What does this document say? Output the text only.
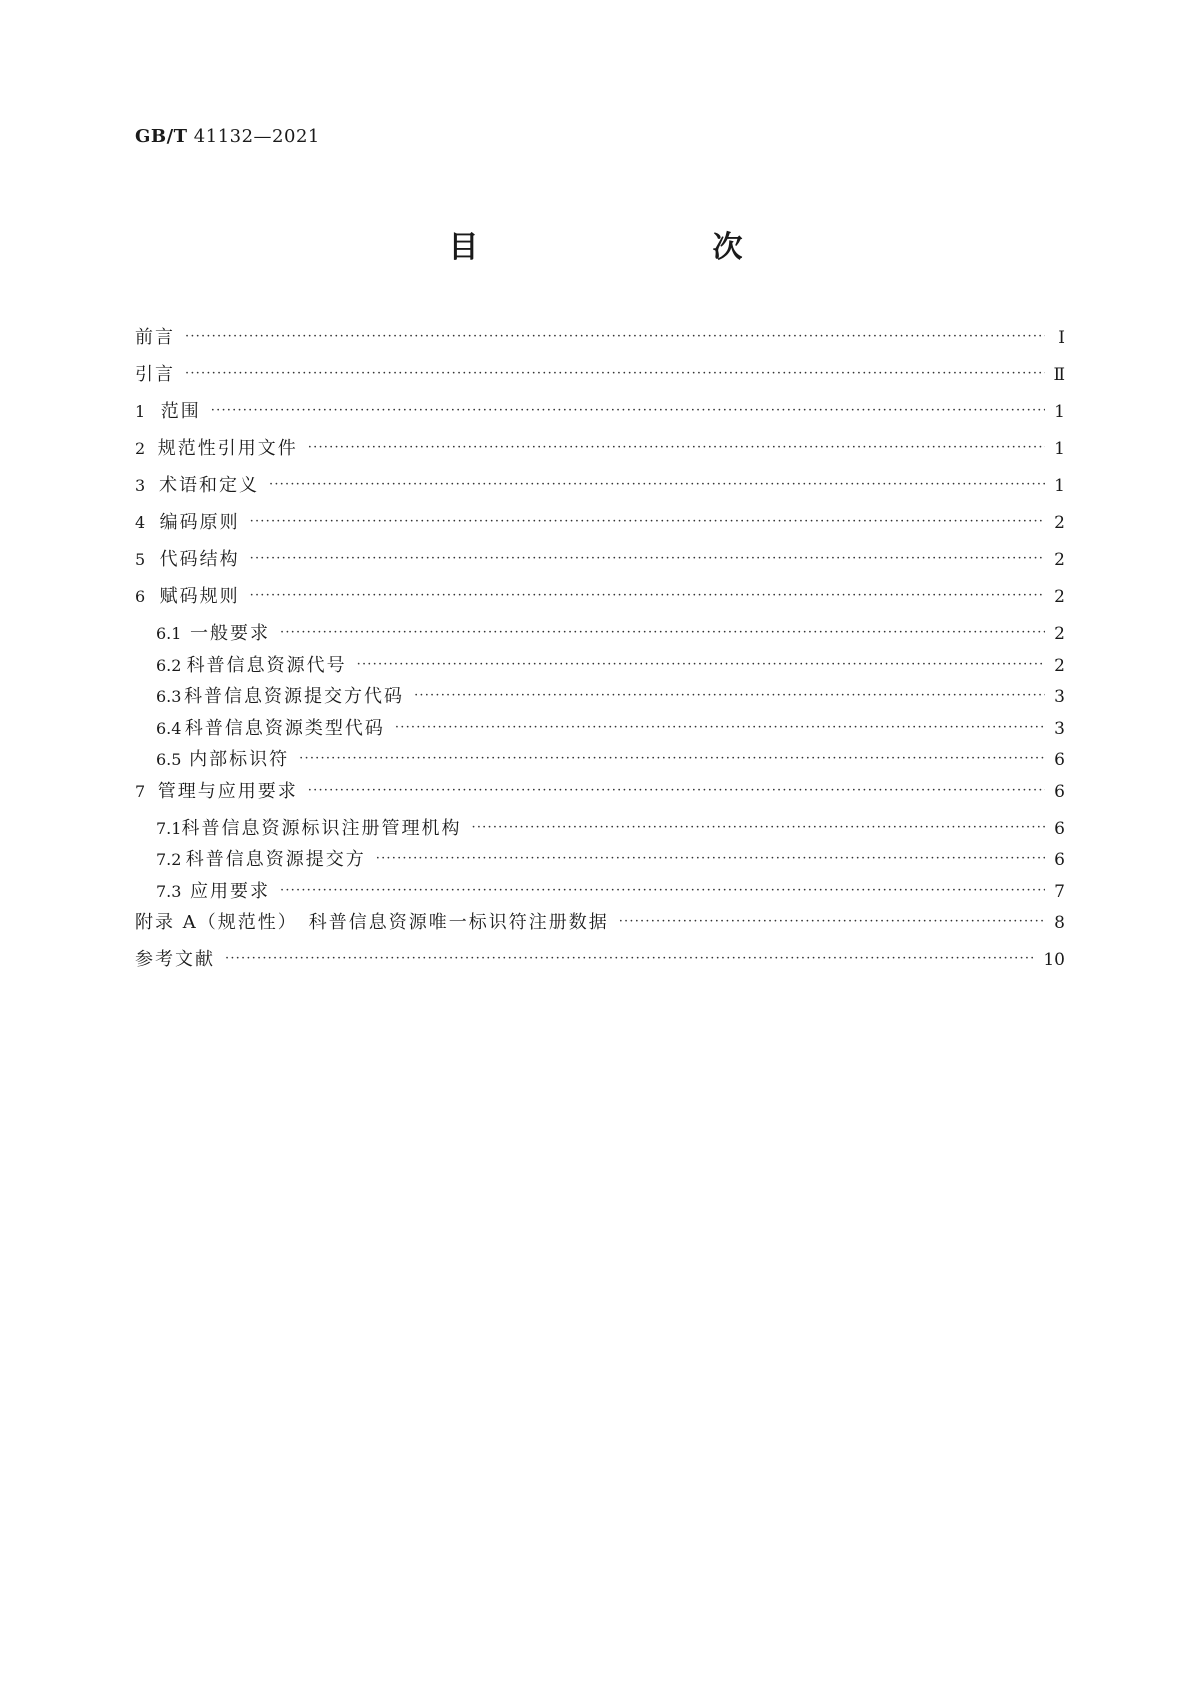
GB/T 41132—2021
目　　次
前言 ·····	Ⅰ
引言 ·····	Ⅱ
1 范围 ·····	1
2 规范性引用文件 ·····	1
3 术语和定义 ·····	1
4 编码原则 ·····	2
5 代码结构 ·····	2
6 赋码规则 ·····	2
6.1 一般要求 ·····	2
6.2 科普信息资源代号 ·····	2
6.3 科普信息资源提交方代码 ·····	3
6.4 科普信息资源类型代码 ·····	3
6.5 内部标识符 ·····	6
7 管理与应用要求 ·····	6
7.1 科普信息资源标识注册管理机构 ·····	6
7.2 科普信息资源提交方 ·····	6
7.3 应用要求 ·····	7
附录 A（规范性）　科普信息资源唯一标识符注册数据 ·····	8
参考文献 ·····	10
